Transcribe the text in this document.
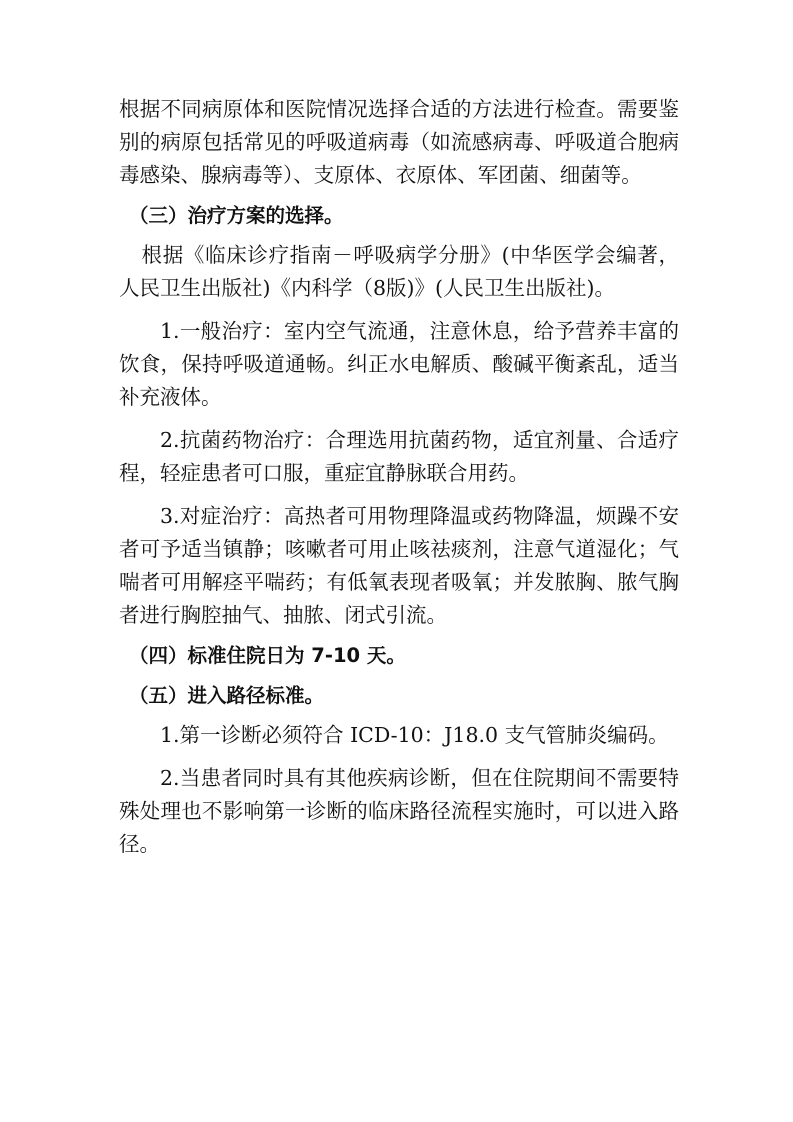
根据不同病原体和医院情况选择合适的方法进行检查。需要鉴别的病原包括常见的呼吸道病毒（如流感病毒、呼吸道合胞病毒感染、腺病毒等）、支原体、衣原体、军团菌、细菌等。

（三）治疗方案的选择。

根据《临床诊疗指南－呼吸病学分册》(中华医学会编著，人民卫生出版社)《内科学（8版)》(人民卫生出版社)。

1.一般治疗：室内空气流通，注意休息，给予营养丰富的饮食，保持呼吸道通畅。纠正水电解质、酸碱平衡紊乱，适当补充液体。

2.抗菌药物治疗：合理选用抗菌药物，适宜剂量、合适疗程，轻症患者可口服，重症宜静脉联合用药。

3.对症治疗：高热者可用物理降温或药物降温，烦躁不安者可予适当镇静；咳嗽者可用止咳祛痰剂，注意气道湿化；气喘者可用解痉平喘药；有低氧表现者吸氧；并发脓胸、脓气胸者进行胸腔抽气、抽脓、闭式引流。

（四）标准住院日为 7-10 天。

（五）进入路径标准。

1.第一诊断必须符合 ICD-10：J18.0 支气管肺炎编码。

2.当患者同时具有其他疾病诊断，但在住院期间不需要特殊处理也不影响第一诊断的临床路径流程实施时，可以进入路径。
